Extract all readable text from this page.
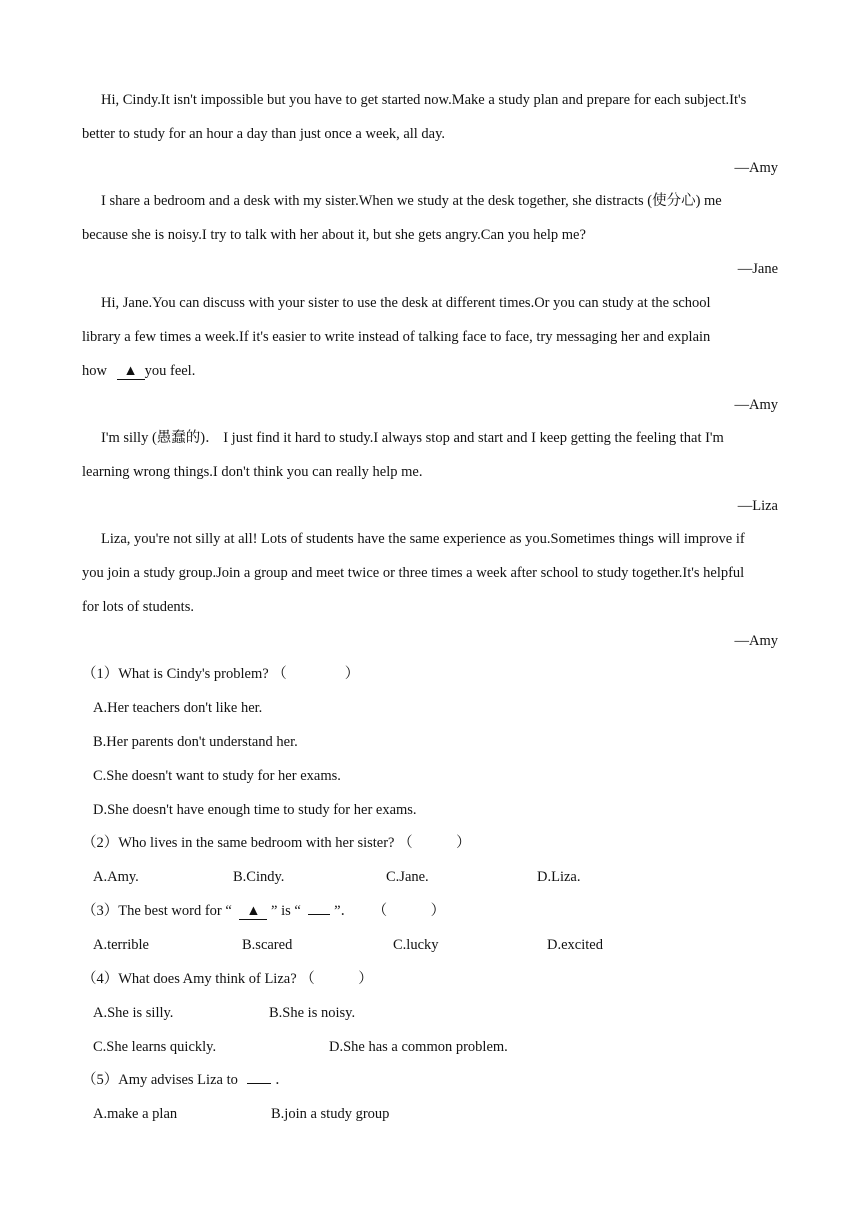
Hi, Cindy.It isn't impossible but you have to get started now.Make a study plan and prepare for each subject.It's
better to study for an hour a day than just once a week, all day.
—Amy
I share a bedroom and a desk with my sister.When we study at the desk together, she distracts (使分心) me
because she is noisy.I try to talk with her about it, but she gets angry.Can you help me?
—Jane
Hi, Jane.You can discuss with your sister to use the desk at different times.Or you can study at the school
library a few times a week.If it's easier to write instead of talking face to face, try messaging her and explain
how ▲ you feel.
—Amy
I'm silly (愚蠢的)． I just find it hard to study.I always stop and start and I keep getting the feeling that I'm
learning wrong things.I don't think you can really help me.
—Liza
Liza, you're not silly at all! Lots of students have the same experience as you.Sometimes things will improve if
you join a study group.Join a group and meet twice or three times a week after school to study together.It's helpful
for lots of students.
—Amy
（1）What is Cindy's problem? （　　　　）
A.Her teachers don't like her.
B.Her parents don't understand her.
C.She doesn't want to study for her exams.
D.She doesn't have enough time to study for her exams.
（2）Who lives in the same bedroom with her sister? （　　　）
A.Amy.	B.Cindy.	C.Jane.	D.Liza.
（3）The best word for “ ▲ ” is “ ”． （　　　）
A.terrible	B.scared	C.lucky	D.excited
（4）What does Amy think of Liza? （　　　）
A.She is silly.	B.She is noisy.
C.She learns quickly.	D.She has a common problem.
（5）Amy advises Liza to	．
A.make a plan	B.join a study group
